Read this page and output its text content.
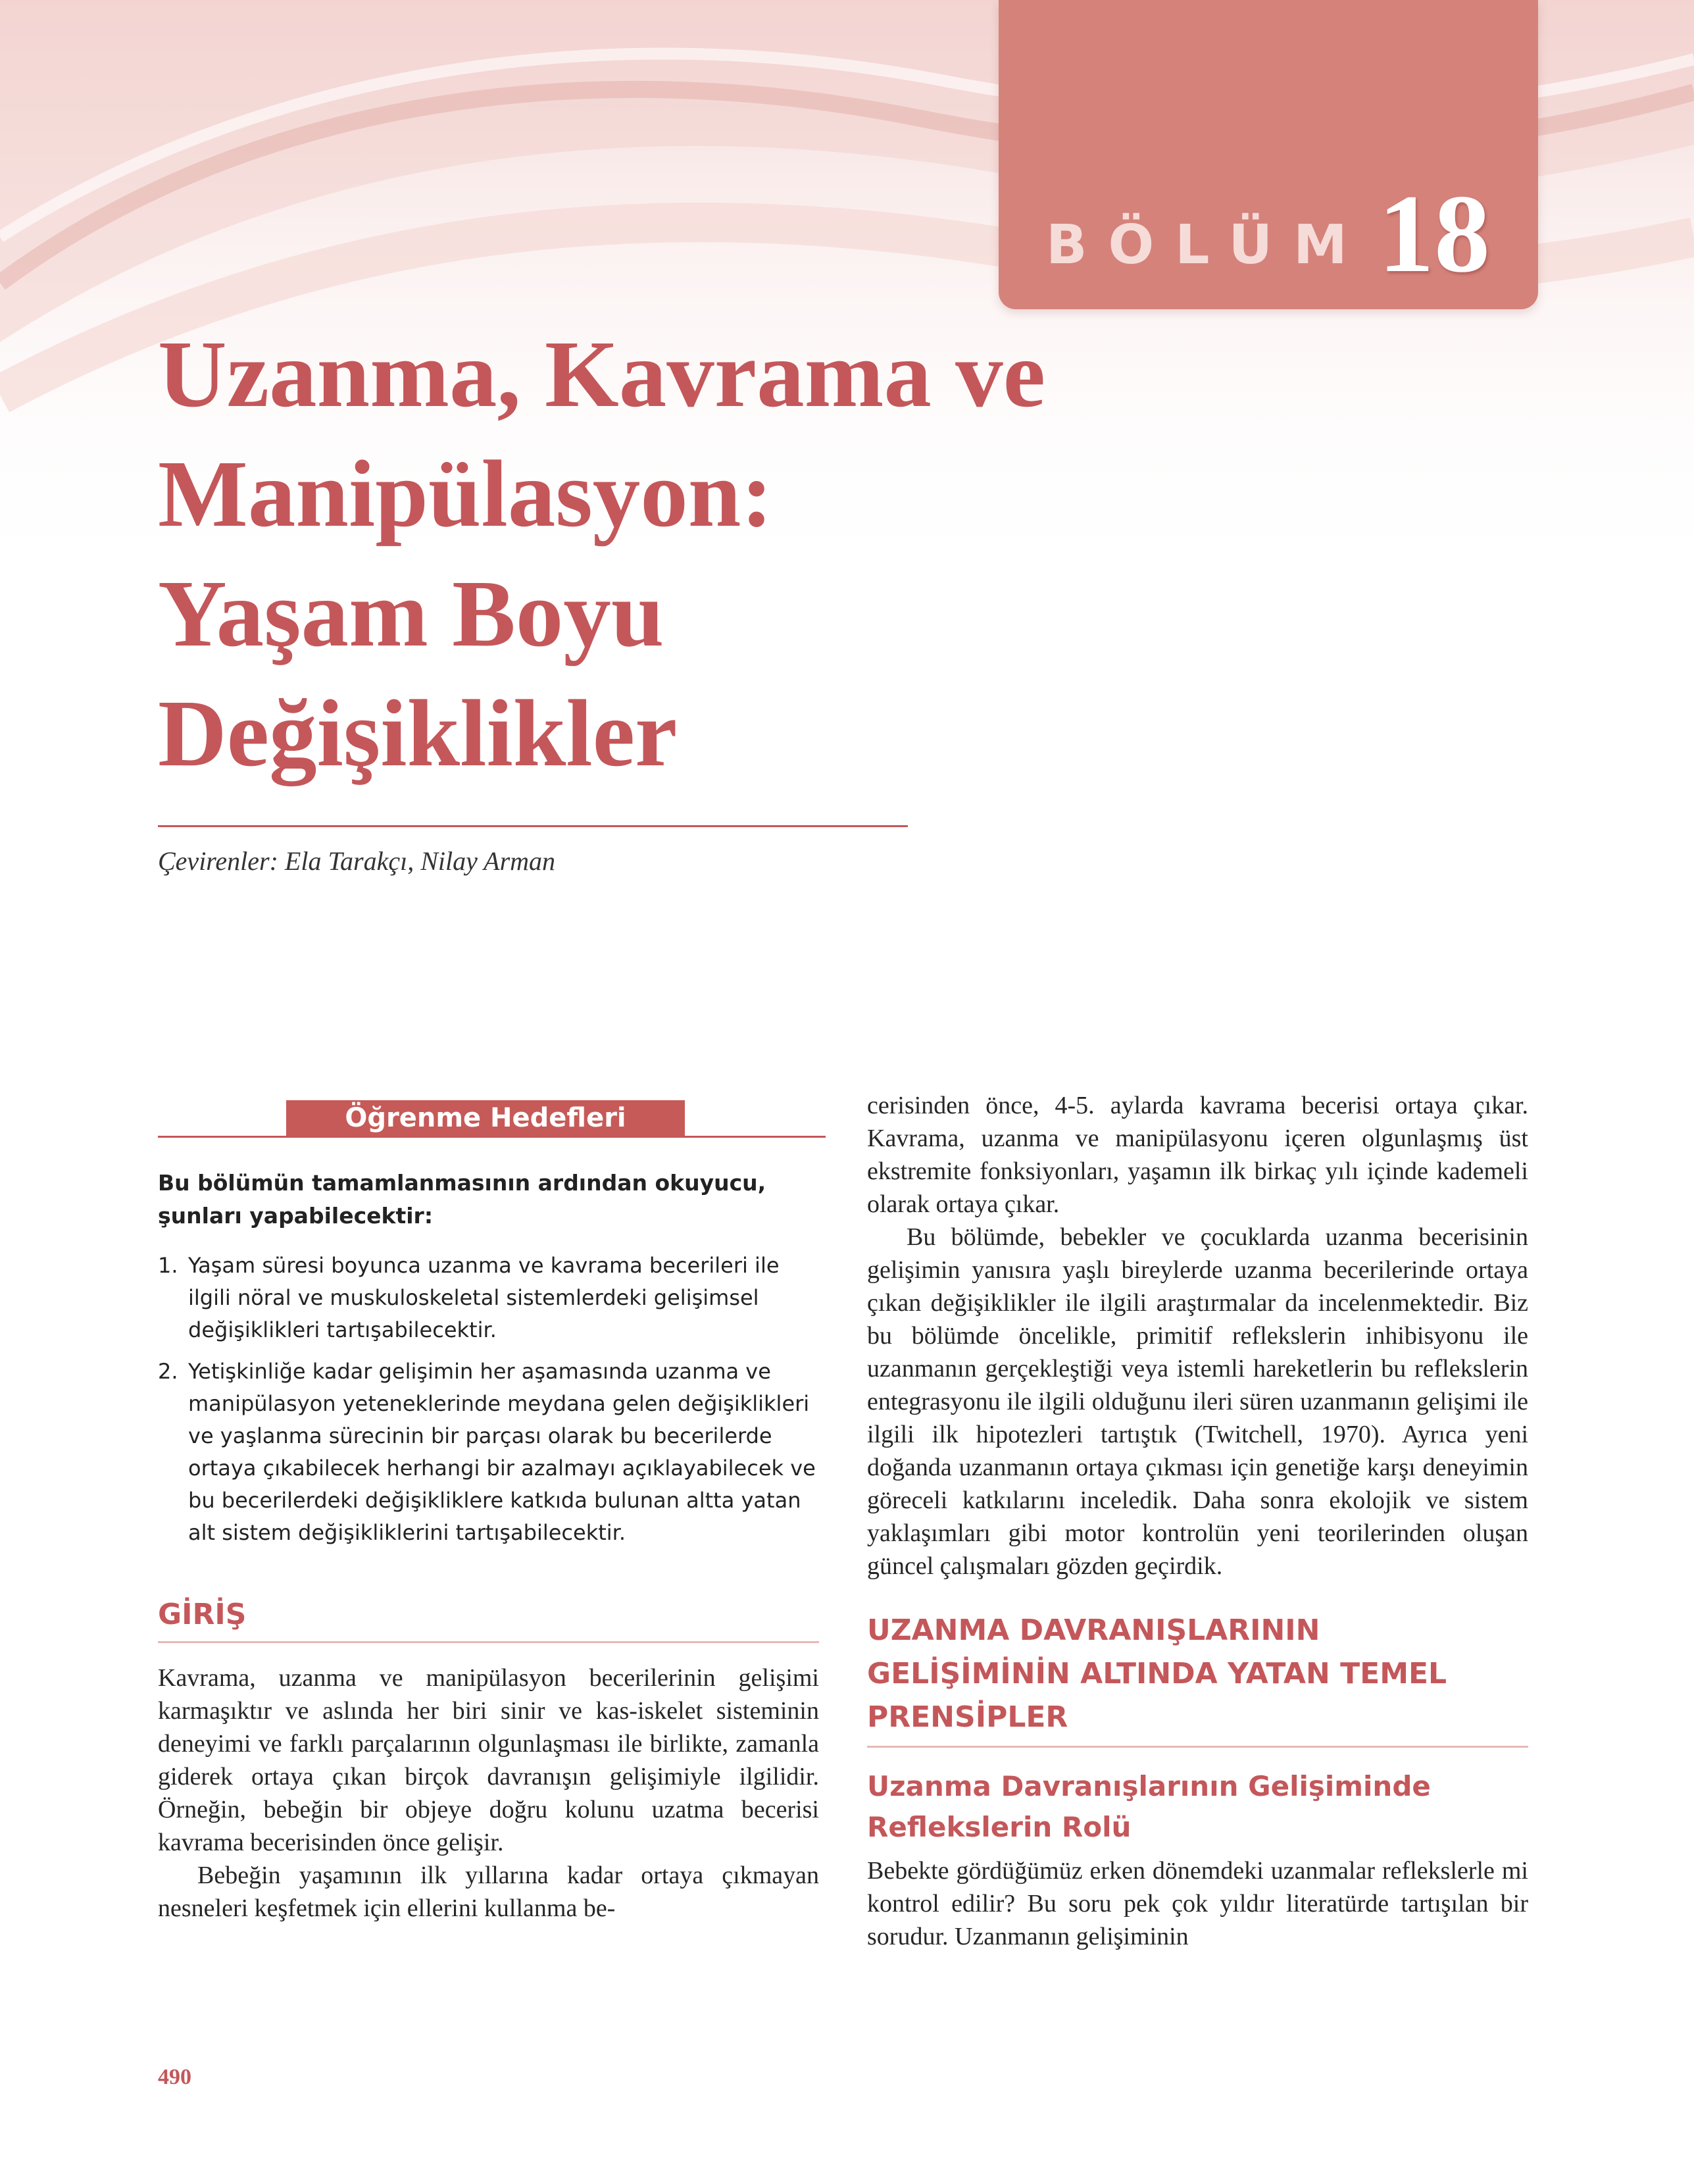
BÖLÜM 18
Uzanma, Kavrama ve
Manipülasyon:
Yaşam Boyu
Değişiklikler
Çevirenler: Ela Tarakçı, Nilay Arman
Öğrenme Hedefleri

Bu bölümün tamamlanmasının ardından okuyucu, şunları yapabilecektir:

1. Yaşam süresi boyunca uzanma ve kavrama becerileri ile ilgili nöral ve muskuloskeletal sistemlerdeki gelişimsel değişiklikleri tartışabilecektir.
2. Yetişkinliğe kadar gelişimin her aşamasında uzanma ve manipülasyon yeteneklerinde meydana gelen değişiklikleri ve yaşlanma sürecinin bir parçası olarak bu becerilerde ortaya çıkabilecek herhangi bir azalmayı açıklayabilecek ve bu becerilerdeki değişikliklere katkıda bulunan altta yatan alt sistem değişikliklerini tartışabilecektir.
GİRİŞ

Kavrama, uzanma ve manipülasyon becerilerinin gelişimi karmaşıktır ve aslında her biri sinir ve kas-iskelet sisteminin deneyimi ve farklı parçalarının olgunlaşması ile birlikte, zamanla giderek ortaya çıkan birçok davranışın gelişimiyle ilgilidir. Örneğin, bebeğin bir objeye doğru kolunu uzatma becerisi kavrama becerisinden önce gelişir.

Bebeğin yaşamının ilk yıllarına kadar ortaya çıkmayan nesneleri keşfetmek için ellerini kullanma be-

cerisinden önce, 4-5. aylarda kavrama becerisi ortaya çıkar. Kavrama, uzanma ve manipülasyonu içeren olgunlaşmış üst ekstremite fonksiyonları, yaşamın ilk birkaç yılı içinde kademeli olarak ortaya çıkar.

Bu bölümde, bebekler ve çocuklarda uzanma becerisinin gelişimin yanısıra yaşlı bireylerde uzanma becerilerinde ortaya çıkan değişiklikler ile ilgili araştırmalar da incelenmektedir. Biz bu bölümde öncelikle, primitif reflekslerin inhibisyonu ile uzanmanın gerçekleştiği veya istemli hareketlerin bu reflekslerin entegrasyonu ile ilgili olduğunu ileri süren uzanmanın gelişimi ile ilgili ilk hipotezleri tartıştık (Twitchell, 1970). Ayrıca yeni doğanda uzanmanın ortaya çıkması için genetiğe karşı deneyimin göreceli katkılarını inceledik. Daha sonra ekolojik ve sistem yaklaşımları gibi motor kontrolün yeni teorilerinden oluşan güncel çalışmaları gözden geçirdik.

UZANMA DAVRANIŞLARININ GELİŞİMİNİN ALTINDA YATAN TEMEL PRENSİPLER
Uzanma Davranışlarının Gelişiminde Reflekslerin Rolü

Bebekte gördüğümüz erken dönemdeki uzanmalar reflekslerle mi kontrol edilir? Bu soru pek çok yıldır literatürde tartışılan bir sorudur. Uzanmanın gelişiminin

490
